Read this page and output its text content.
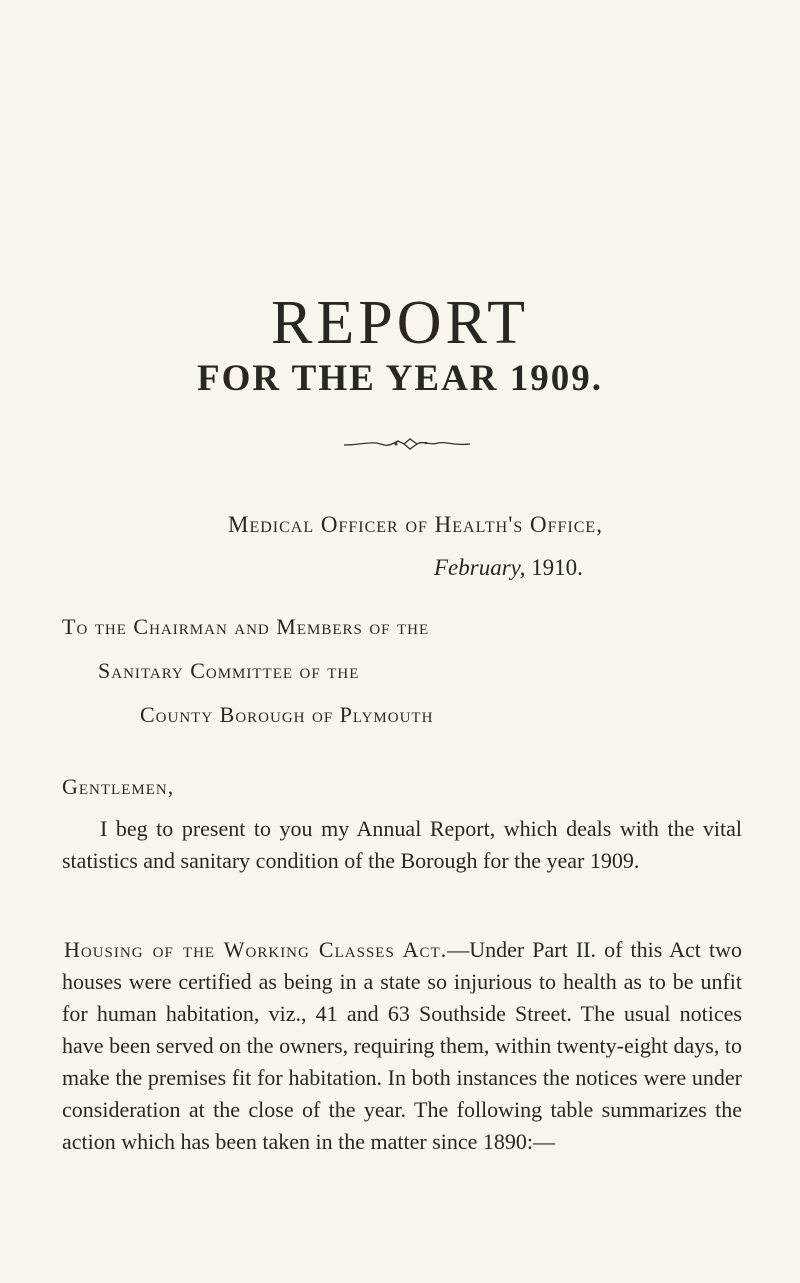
REPORT
FOR THE YEAR 1909.
Medical Officer of Health's Office,
February, 1910.
To the Chairman and Members of the
Sanitary Committee of the
County Borough of Plymouth
Gentlemen,

I beg to present to you my Annual Report, which deals with the vital statistics and sanitary condition of the Borough for the year 1909.

Housing of the Working Classes Act.—Under Part II. of this Act two houses were certified as being in a state so injurious to health as to be unfit for human habitation, viz., 41 and 63 Southside Street. The usual notices have been served on the owners, requiring them, within twenty-eight days, to make the premises fit for habitation. In both instances the notices were under consideration at the close of the year. The following table summarizes the action which has been taken in the matter since 1890:—
